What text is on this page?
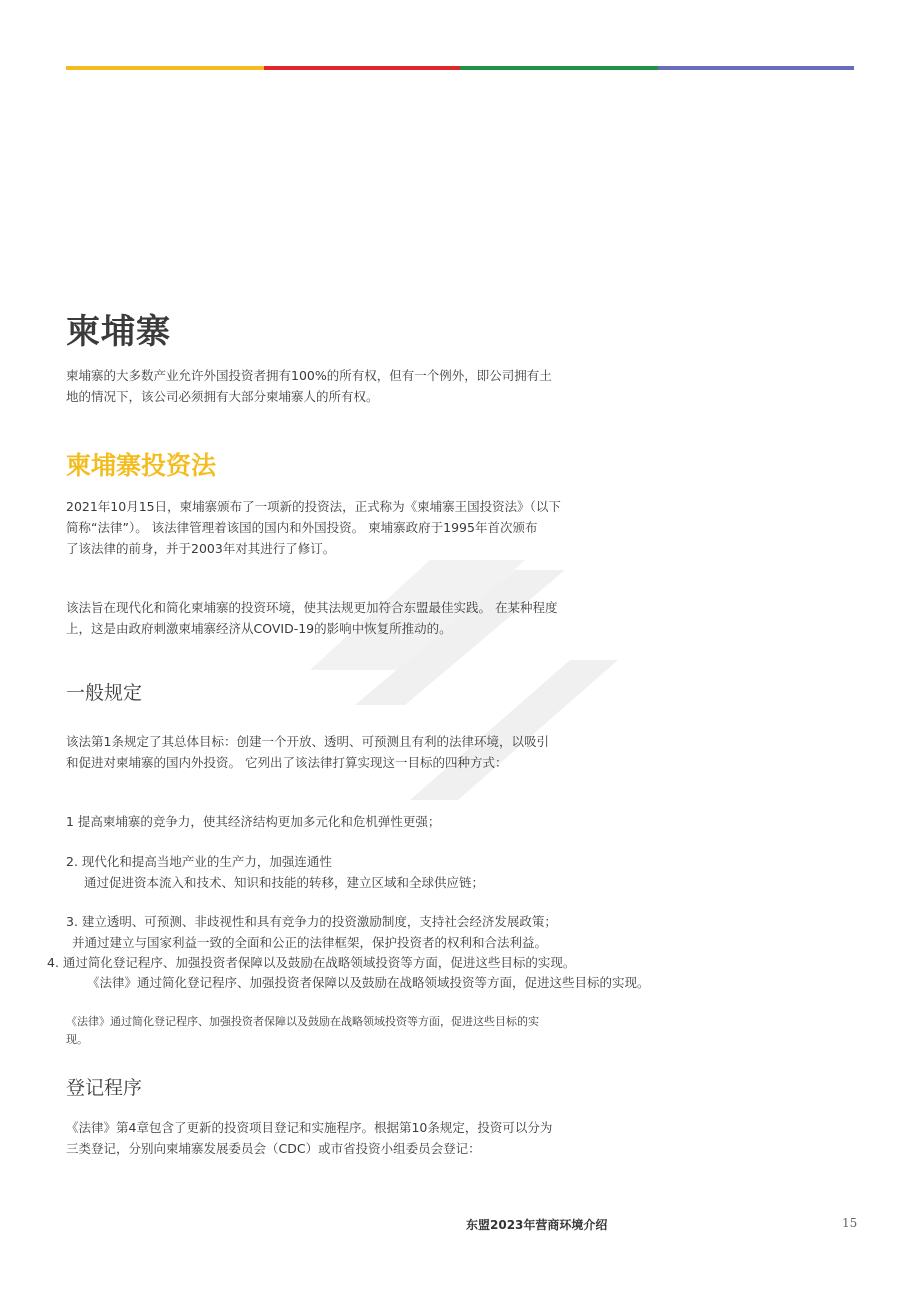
柬埔寨
柬埔寨的大多数产业允许外国投资者拥有100%的所有权，但有一个例外，即公司拥有土
地的情况下，该公司必须拥有大部分柬埔寨人的所有权。
柬埔寨投资法
2021年10月15日，柬埔寨颁布了一项新的投资法，正式称为《柬埔寨王国投资法》（以下
简称“法律”）。 该法律管理着该国的国内和外国投资。 柬埔寨政府于1995年首次颁布
了该法律的前身，并于2003年对其进行了修订。
该法旨在现代化和简化柬埔寨的投资环境，使其法规更加符合东盟最佳实践。 在某种程度
上，这是由政府刺激柬埔寨经济从COVID-19的影响中恢复所推动的。
一般规定
该法第1条规定了其总体目标：创建一个开放、透明、可预测且有利的法律环境，以吸引
和促进对柬埔寨的国内外投资。 它列出了该法律打算实现这一目标的四种方式：
1 提高柬埔寨的竞争力，使其经济结构更加多元化和危机弹性更强；
2. 现代化和提高当地产业的生产力，加强连通性
通过促进资本流入和技术、知识和技能的转移，建立区域和全球供应链；
3. 建立透明、可预测、非歧视性和具有竞争力的投资激励制度，支持社会经济发展政策；
并通过建立与国家利益一致的全面和公正的法律框架，保护投资者的权利和合法利益。
4. 通过简化登记程序、加强投资者保障以及鼓励在战略领域投资等方面，促进这些目标的实现。
《法律》通过简化登记程序、加强投资者保障以及鼓励在战略领域投资等方面，促进这些目标的实现。
《法律》通过简化登记程序、加强投资者保障以及鼓励在战略领域投资等方面，促进这些目标的实
现。
登记程序
《法律》第4章包含了更新的投资项目登记和实施程序。根据第10条规定，投资可以分为
三类登记，分别向柬埔寨发展委员会（CDC）或市省投资小组委员会登记：
东盟2023年营商环境介绍	15
